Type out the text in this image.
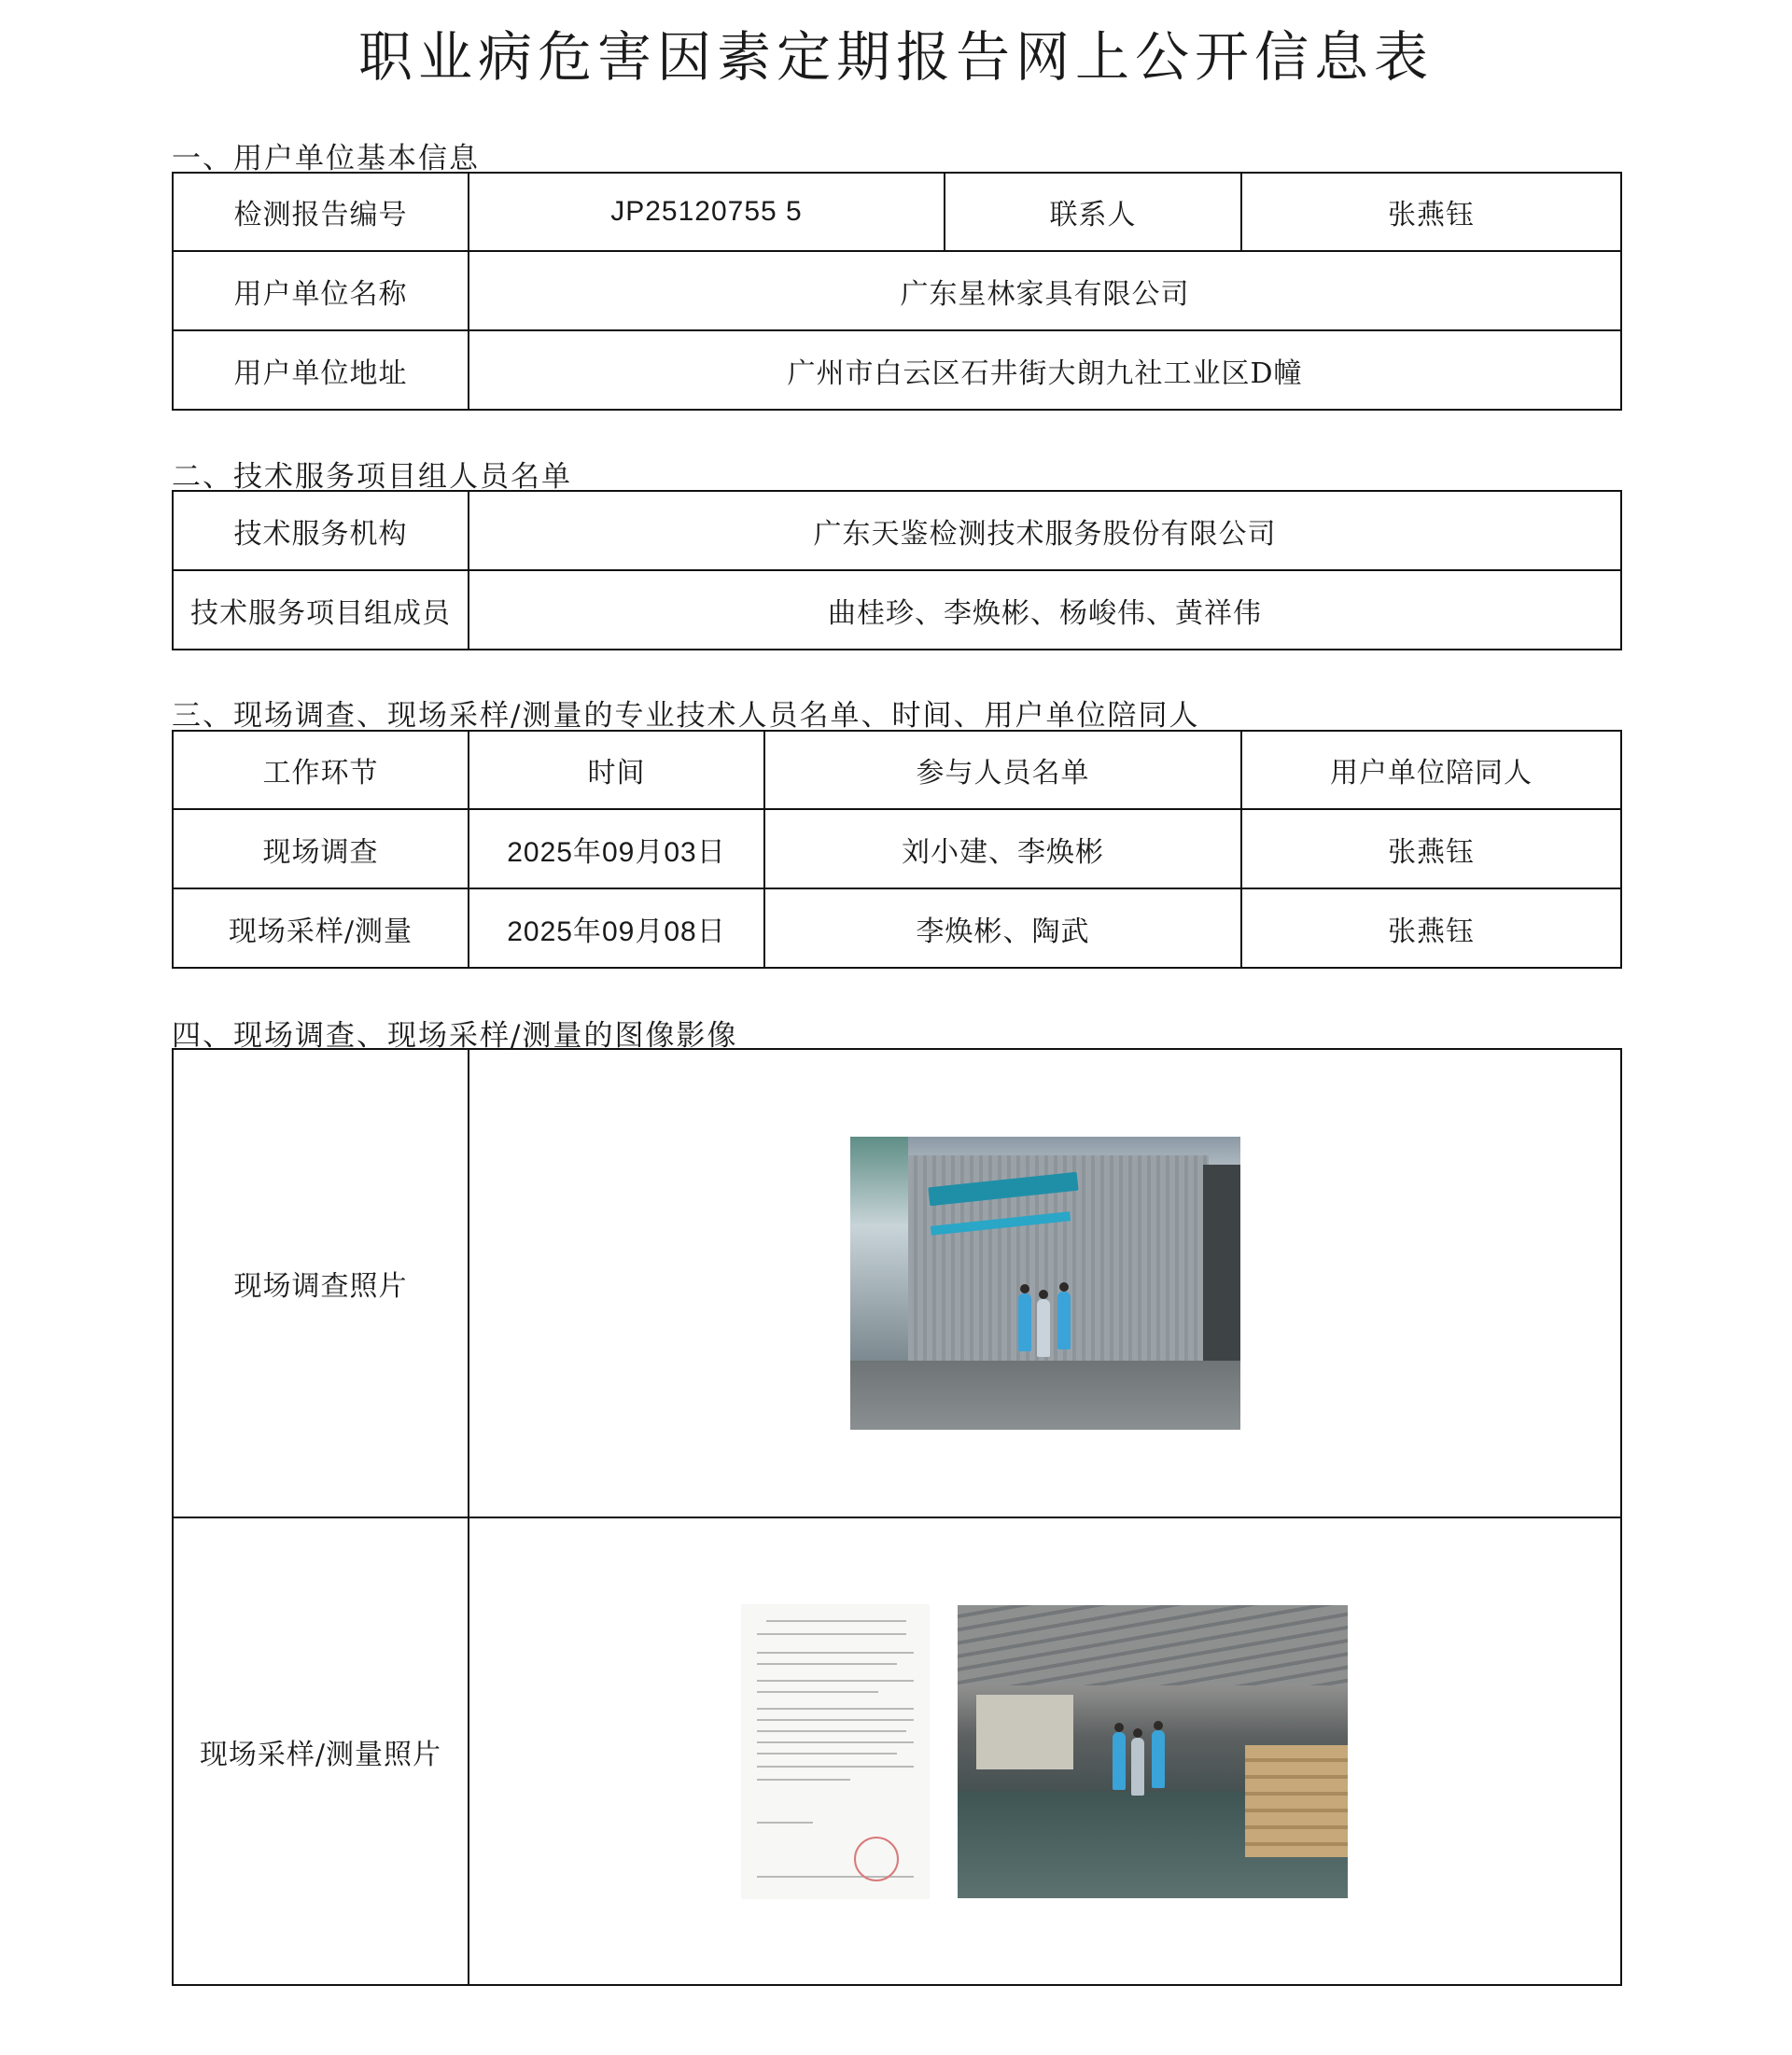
职业病危害因素定期报告网上公开信息表
一、用户单位基本信息
检测报告编号	JP25120755 5	联系人	张燕钰
用户单位名称	广东星林家具有限公司		
用户单位地址	广州市白云区石井街大朗九社工业区D幢		
二、技术服务项目组人员名单
技术服务机构	广东天鉴检测技术服务股份有限公司
技术服务项目组成员	曲桂珍、李焕彬、杨峻伟、黄祥伟
三、现场调查、现场采样/测量的专业技术人员名单、时间、用户单位陪同人
工作环节	时间	参与人员名单	用户单位陪同人
现场调查	2025年09月03日	刘小建、李焕彬	张燕钰
现场采样/测量	2025年09月08日	李焕彬、陶武	张燕钰
四、现场调查、现场采样/测量的图像影像
现场调查照片	

现场采样/测量照片	
